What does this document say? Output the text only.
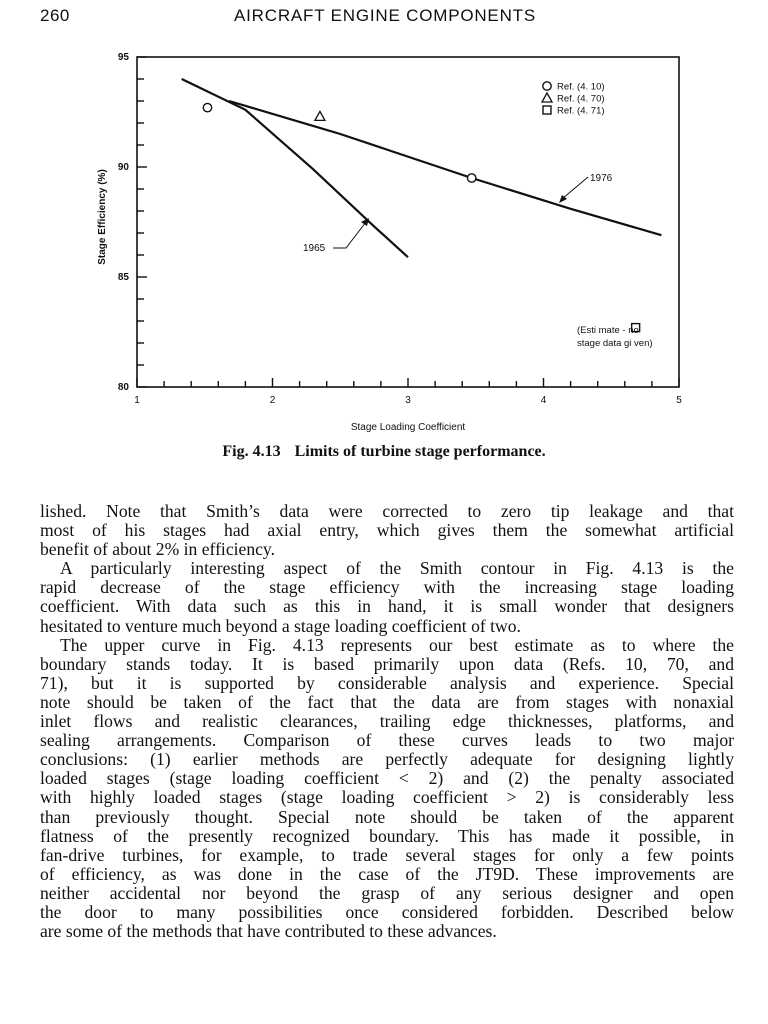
260	AIRCRAFT ENGINE COMPONENTS
1	2	3	4	5
80
85
90
95
Stage Loading Coefficient
Stage Efficiency (%)
Ref. (4. 10)
Ref. (4. 70)
Ref. (4. 71)
1976
1965
(Esti mate - no
stage data gi ven)
Fig. 4.13 Limits of turbine stage performance.
lished. Note that Smith’s data were corrected to zero tip leakage and that
most of his stages had axial entry, which gives them the somewhat artificial
benefit of about 2% in efficiency.
A particularly interesting aspect of the Smith contour in Fig. 4.13 is the
rapid decrease of the stage efficiency with the increasing stage loading
coefficient. With data such as this in hand, it is small wonder that designers
hesitated to venture much beyond a stage loading coefficient of two.
The upper curve in Fig. 4.13 represents our best estimate as to where the
boundary stands today. It is based primarily upon data (Refs. 10, 70, and
71), but it is supported by considerable analysis and experience. Special
note should be taken of the fact that the data are from stages with nonaxial
inlet flows and realistic clearances, trailing edge thicknesses, platforms, and
sealing arrangements. Comparison of these curves leads to two major
conclusions: (1) earlier methods are perfectly adequate for designing lightly
loaded stages (stage loading coefficient < 2) and (2) the penalty associated
with highly loaded stages (stage loading coefficient > 2) is considerably less
than previously thought. Special note should be taken of the apparent
flatness of the presently recognized boundary. This has made it possible, in
fan-drive turbines, for example, to trade several stages for only a few points
of efficiency, as was done in the case of the JT9D. These improvements are
neither accidental nor beyond the grasp of any serious designer and open
the door to many possibilities once considered forbidden. Described below
are some of the methods that have contributed to these advances.
